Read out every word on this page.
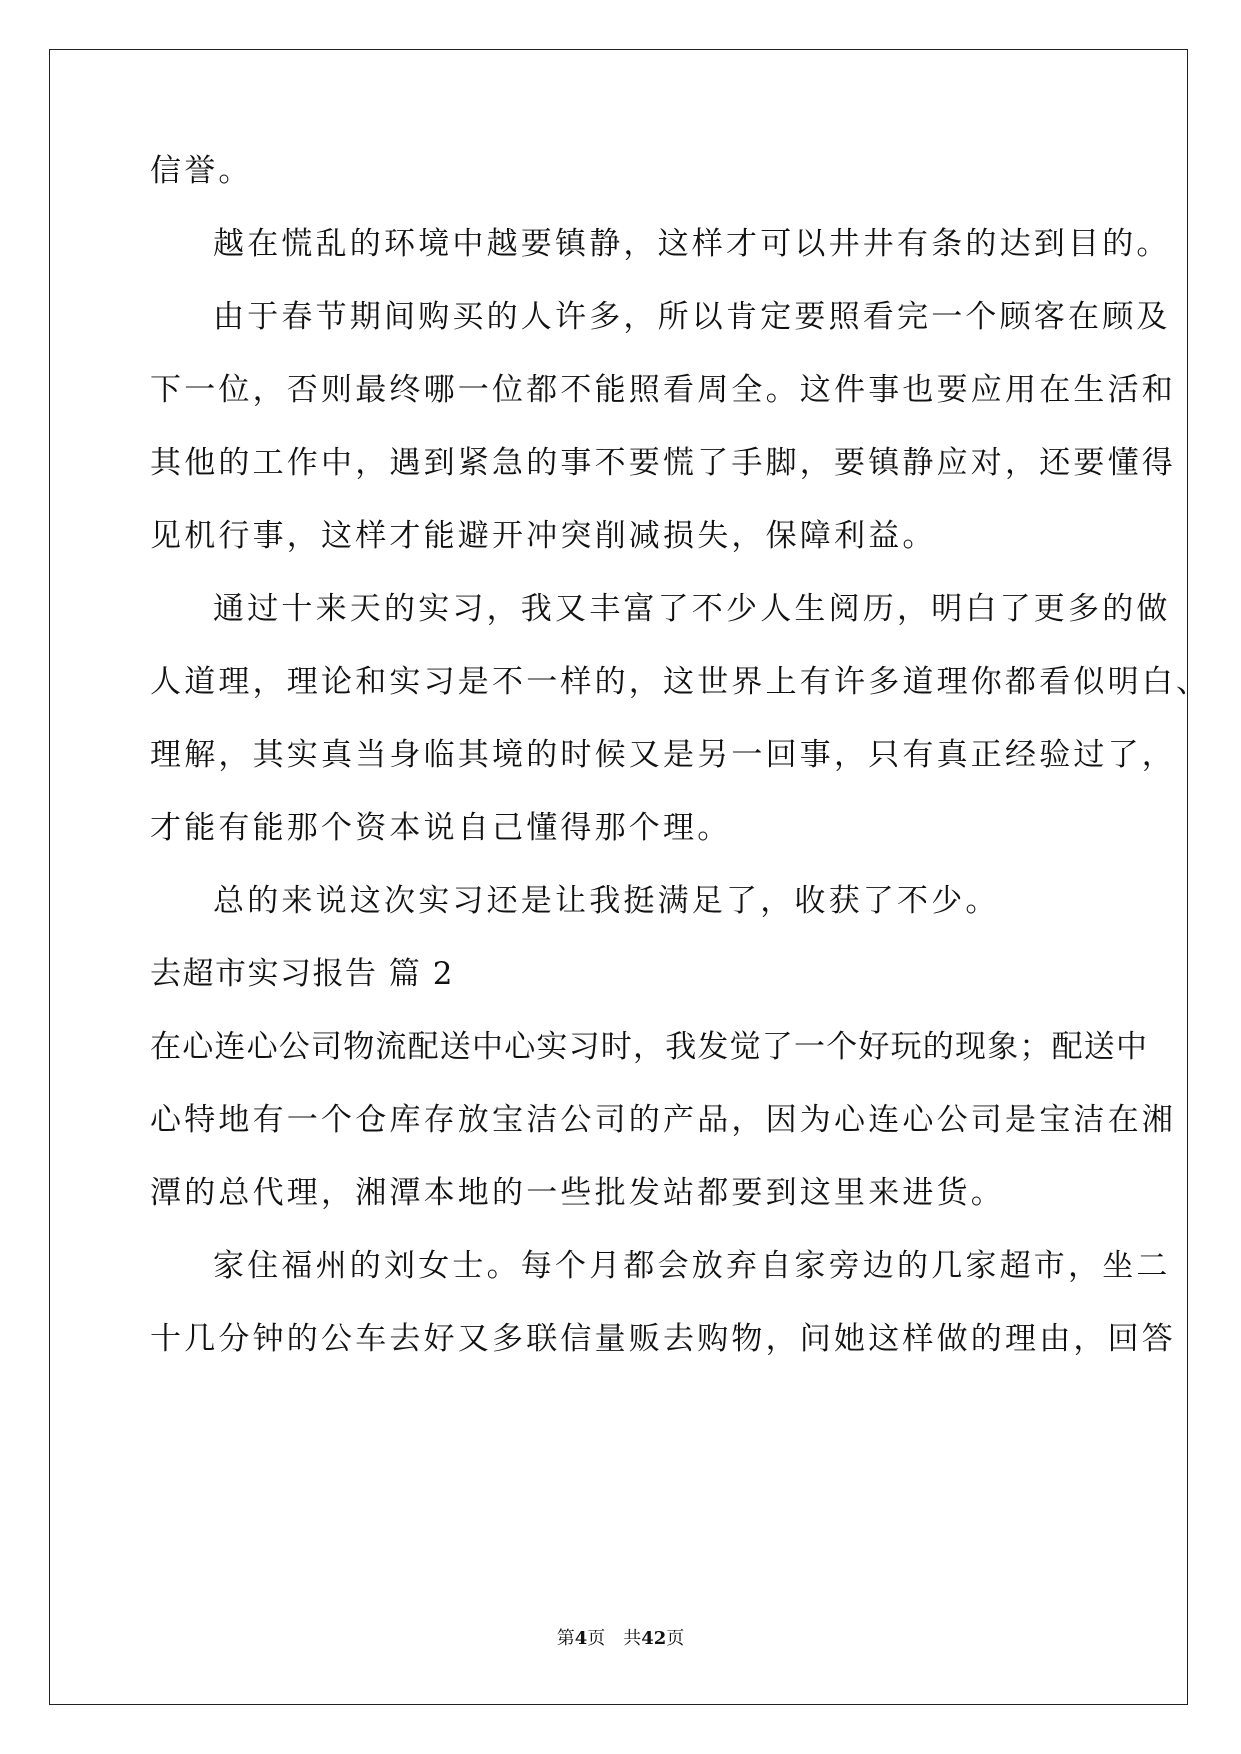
信誉。
越在慌乱的环境中越要镇静，这样才可以井井有条的达到目的。
由于春节期间购买的人许多，所以肯定要照看完一个顾客在顾及
下一位，否则最终哪一位都不能照看周全。这件事也要应用在生活和
其他的工作中，遇到紧急的事不要慌了手脚，要镇静应对，还要懂得
见机行事，这样才能避开冲突削减损失，保障利益。
通过十来天的实习，我又丰富了不少人生阅历，明白了更多的做
人道理，理论和实习是不一样的，这世界上有许多道理你都看似明白、
理解，其实真当身临其境的时候又是另一回事，只有真正经验过了，
才能有能那个资本说自己懂得那个理。
总的来说这次实习还是让我挺满足了，收获了不少。
去超市实习报告 篇 2
在心连心公司物流配送中心实习时，我发觉了一个好玩的现象；配送中
心特地有一个仓库存放宝洁公司的产品，因为心连心公司是宝洁在湘
潭的总代理，湘潭本地的一些批发站都要到这里来进货。
家住福州的刘女士。每个月都会放弃自家旁边的几家超市，坐二
十几分钟的公车去好又多联信量贩去购物，问她这样做的理由，回答
第4页　共42页
